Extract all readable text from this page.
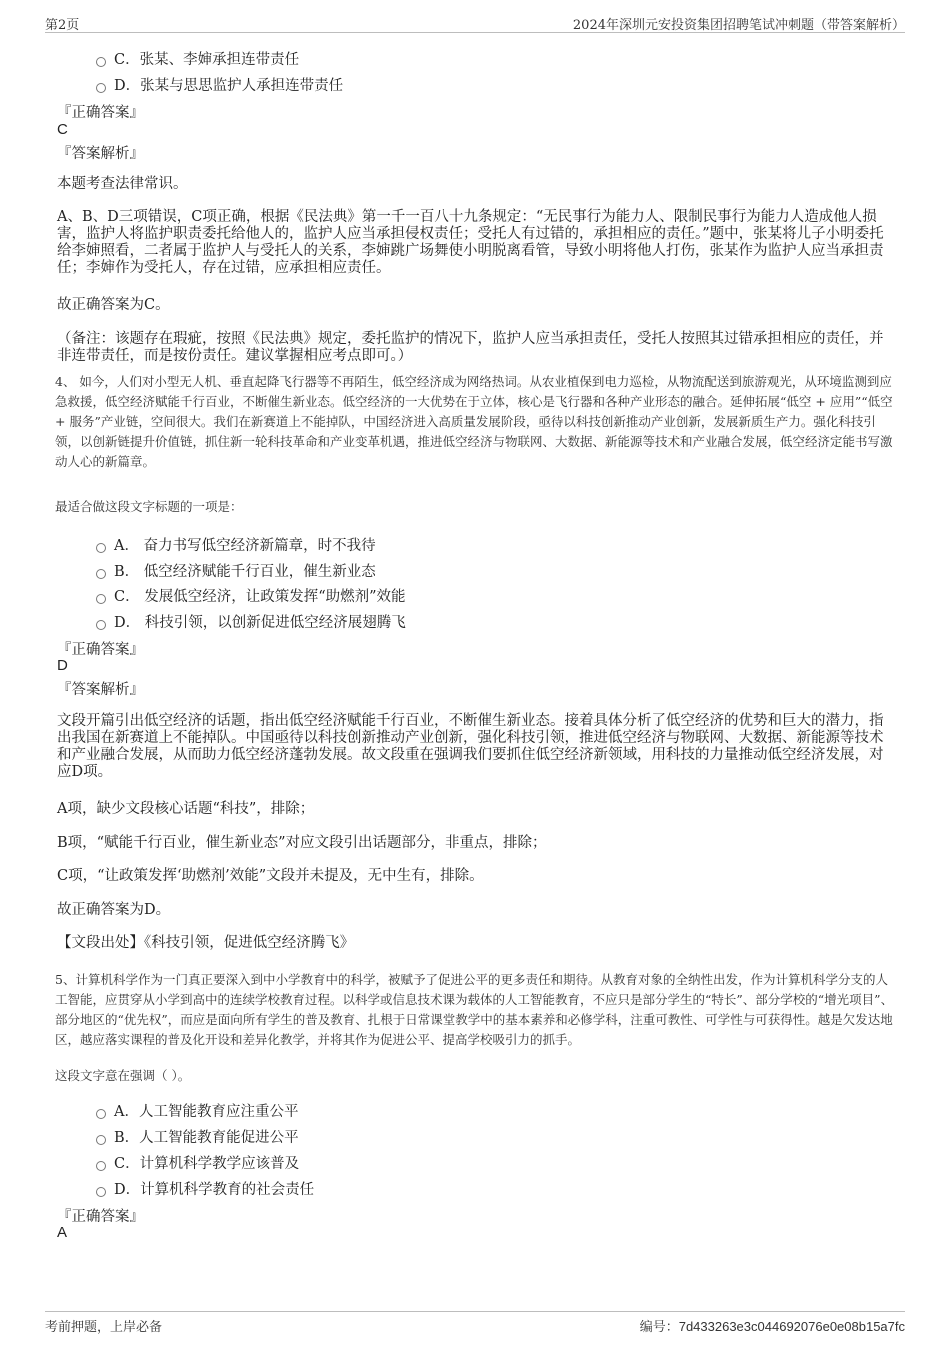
第2页	2024年深圳元安投资集团招聘笔试冲刺题（带答案解析）
C．张某、李婶承担连带责任
D．张某与思思监护人承担连带责任
『正确答案』
C
『答案解析』
本题考查法律常识。
A、B、D三项错误，C项正确，根据《民法典》第一千一百八十九条规定：“无民事行为能力人、限制民事行为能力人造成他人损害，监护人将监护职责委托给他人的，监护人应当承担侵权责任；受托人有过错的，承担相应的责任。”题中，张某将儿子小明委托给李婶照看，二者属于监护人与受托人的关系，李婶跳广场舞使小明脱离看管，导致小明将他人打伤，张某作为监护人应当承担责任；李婶作为受托人，存在过错，应承担相应责任。
故正确答案为C。
（备注：该题存在瑕疵，按照《民法典》规定，委托监护的情况下，监护人应当承担责任，受托人按照其过错承担相应的责任，并非连带责任，而是按份责任。建议掌握相应考点即可。）
4、 如今，人们对小型无人机、垂直起降飞行器等不再陌生，低空经济成为网络热词。从农业植保到电力巡检，从物流配送到旅游观光，从环境监测到应急救援，低空经济赋能千行百业，不断催生新业态。低空经济的一大优势在于立体，核心是飞行器和各种产业形态的融合。延伸拓展“低空 + 应用”“低空 + 服务”产业链，空间很大。我们在新赛道上不能掉队，中国经济进入高质量发展阶段，亟待以科技创新推动产业创新，发展新质生产力。强化科技引领，以创新链提升价值链，抓住新一轮科技革命和产业变革机遇，推进低空经济与物联网、大数据、新能源等技术和产业融合发展，低空经济定能书写激动人心的新篇章。
最适合做这段文字标题的一项是：
A． 奋力书写低空经济新篇章，时不我待
B． 低空经济赋能千行百业，催生新业态
C． 发展低空经济，让政策发挥“助燃剂”效能
D． 科技引领，以创新促进低空经济展翅腾飞
『正确答案』
D
『答案解析』
文段开篇引出低空经济的话题，指出低空经济赋能千行百业，不断催生新业态。接着具体分析了低空经济的优势和巨大的潜力，指出我国在新赛道上不能掉队。中国亟待以科技创新推动产业创新，强化科技引领，推进低空经济与物联网、大数据、新能源等技术和产业融合发展，从而助力低空经济蓬勃发展。故文段重在强调我们要抓住低空经济新领域，用科技的力量推动低空经济发展，对应D项。
A项，缺少文段核心话题“科技”，排除；
B项，“赋能千行百业，催生新业态”对应文段引出话题部分，非重点，排除；
C项，“让政策发挥‘助燃剂’效能”文段并未提及，无中生有，排除。
故正确答案为D。
【文段出处】《科技引领，促进低空经济腾飞》
5、计算机科学作为一门真正要深入到中小学教育中的科学，被赋予了促进公平的更多责任和期待。从教育对象的全纳性出发，作为计算机科学分支的人工智能，应贯穿从小学到高中的连续学校教育过程。以科学或信息技术课为载体的人工智能教育，不应只是部分学生的“特长”、部分学校的“增光项目”、部分地区的“优先权”，而应是面向所有学生的普及教育、扎根于日常课堂教学中的基本素养和必修学科，注重可教性、可学性与可获得性。越是欠发达地区，越应落实课程的普及化开设和差异化教学，并将其作为促进公平、提高学校吸引力的抓手。
这段文字意在强调（ ）。
A．人工智能教育应注重公平
B．人工智能教育能促进公平
C．计算机科学教学应该普及
D．计算机科学教育的社会责任
『正确答案』
A
考前押题，上岸必备	编号：7d433263e3c044692076e0e08b15a7fc
